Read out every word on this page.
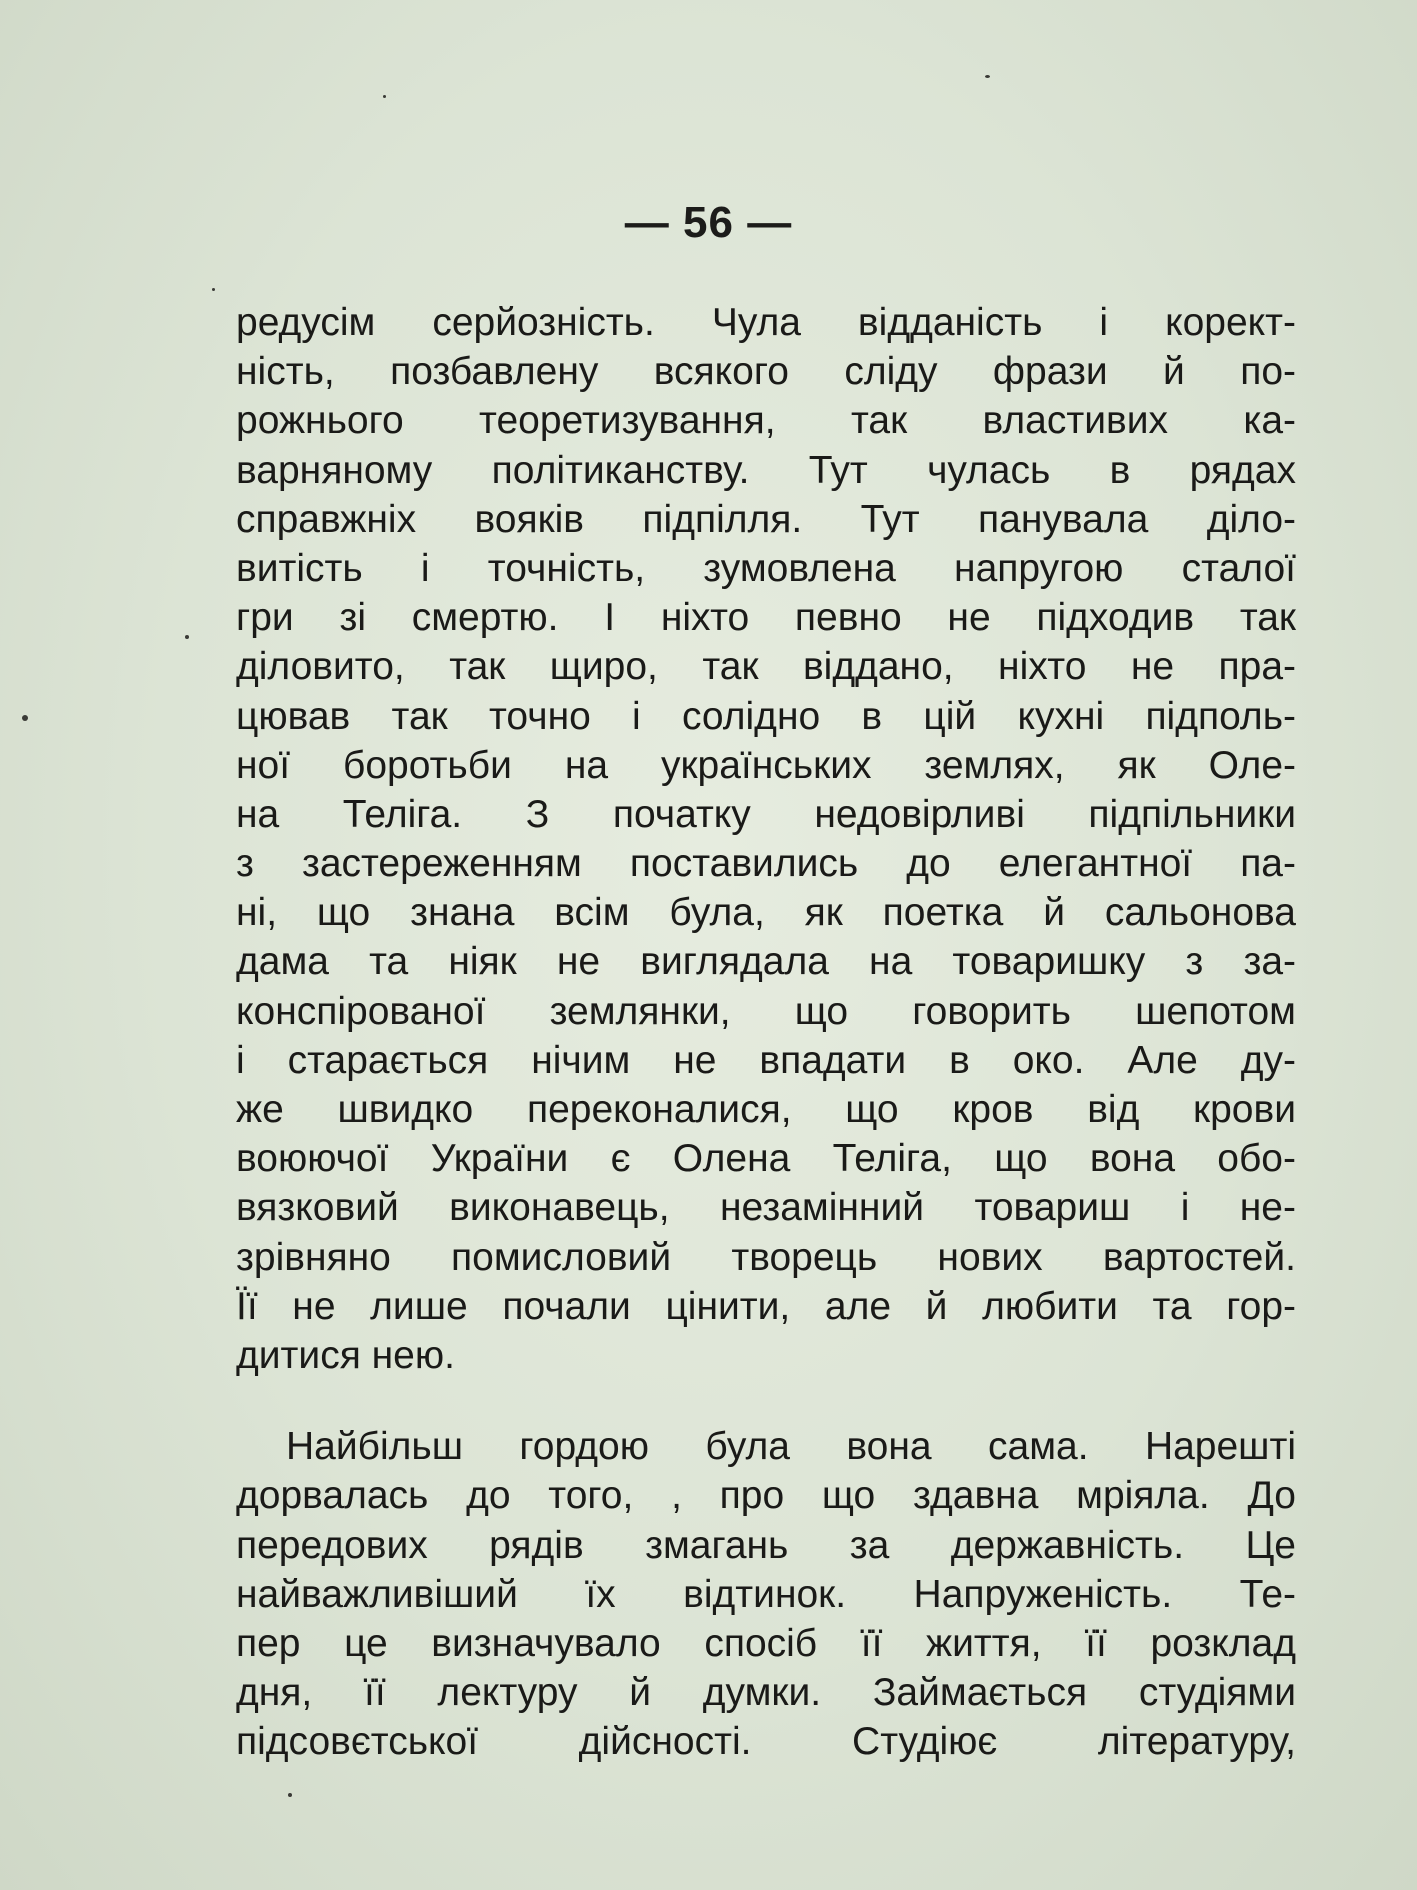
— 56 —
редусім серйозність. Чула відданість і корект-
ність, позбавлену всякого сліду фрази й по-
рожнього теоретизування, так властивих ка-
варняному політиканству. Тут чулась в рядах
справжніх вояків підпілля. Тут панувала діло-
витість і точність, зумовлена напругою сталої
гри зі смертю. І ніхто певно не підходив так
діловито, так щиро, так віддано, ніхто не пра-
цював так точно і солідно в цій кухні підполь-
ної боротьби на українських землях, як Оле-
на Теліга. З початку недовірливі підпільники
з застереженням поставились до елегантної па-
ні, що знана всім була, як поетка й сальонова
дама та ніяк не виглядала на товаришку з за-
конспірованої землянки, що говорить шепотом
і старається нічим не впадати в око. Але ду-
же швидко переконалися, що кров від крови
воюючої України є Олена Теліга, що вона обо-
вязковий виконавець, незамінний товариш і не-
зрівняно помисловий творець нових вартостей.
Її не лише почали цінити, але й любити та гор-
дитися нею.
Найбільш гордою була вона сама. Нарешті
дорвалась до того, , про що здавна мріяла. До
передових рядів змагань за державність. Це
найважливіший їх відтинок. Напруженість. Те-
пер це визначувало спосіб її життя, її розклад
дня, її лектуру й думки. Займається студіями
підсовєтської дійсності. Студіює літературу,
